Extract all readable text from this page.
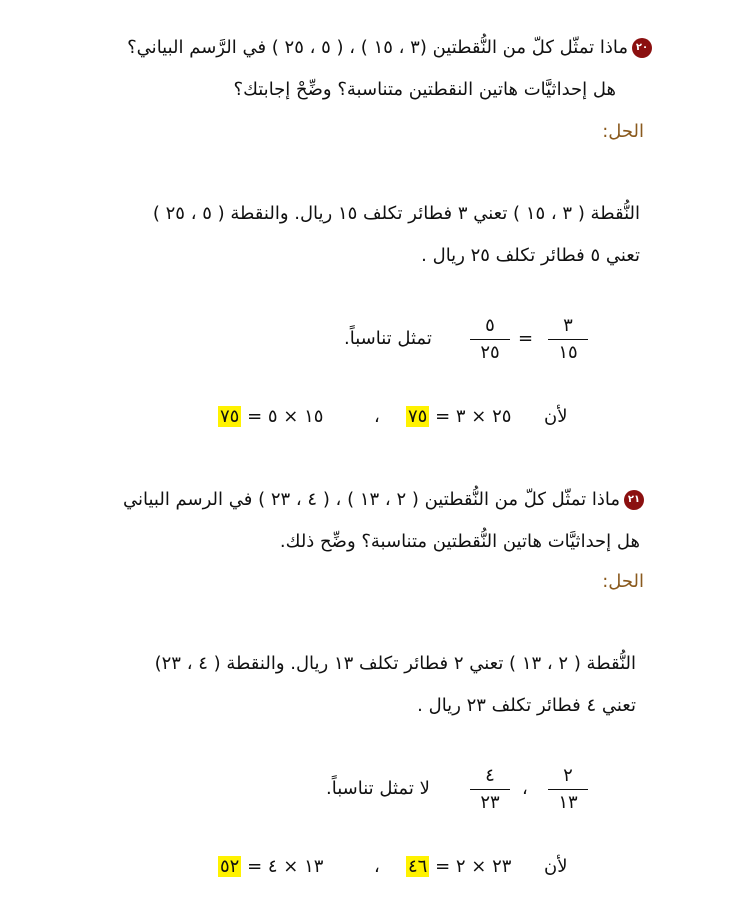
٢٠ماذا تمثّل كلّ من النُّقطتين (٣ ، ١٥ ) ، ( ٥ ، ٢٥ ) في الرَّسم البياني؟
هل إحداثيَّات هاتين النقطتين متناسبة؟ وضِّحْ إجابتك؟
الحل:
النُّقطة ( ٣ ، ١٥ ) تعني ٣ فطائر تكلف ١٥ ريال. والنقطة ( ٥ ، ٢٥ )
تعني ٥ فطائر تكلف ٢٥ ريال .
٣
١٥
=
٥
٢٥
تمثل تناسباً.
لأن
٢٥ × ٣ = ٧٥
،
١٥ × ٥ = ٧٥
٢١ماذا تمثّل كلّ من النُّقطتين ( ٢ ، ١٣ ) ، ( ٤ ، ٢٣ ) في الرسم البياني
هل إحداثيَّات هاتين النُّقطتين متناسبة؟ وضِّح ذلك.
الحل:
النُّقطة ( ٢ ، ١٣ ) تعني ٢ فطائر تكلف ١٣ ريال. والنقطة ( ٤ ، ٢٣)
تعني ٤ فطائر تكلف ٢٣ ريال .
٢
١٣
،
٤
٢٣
لا تمثل تناسباً.
لأن
٢٣ × ٢ = ٤٦
،
١٣ × ٤ = ٥٢
